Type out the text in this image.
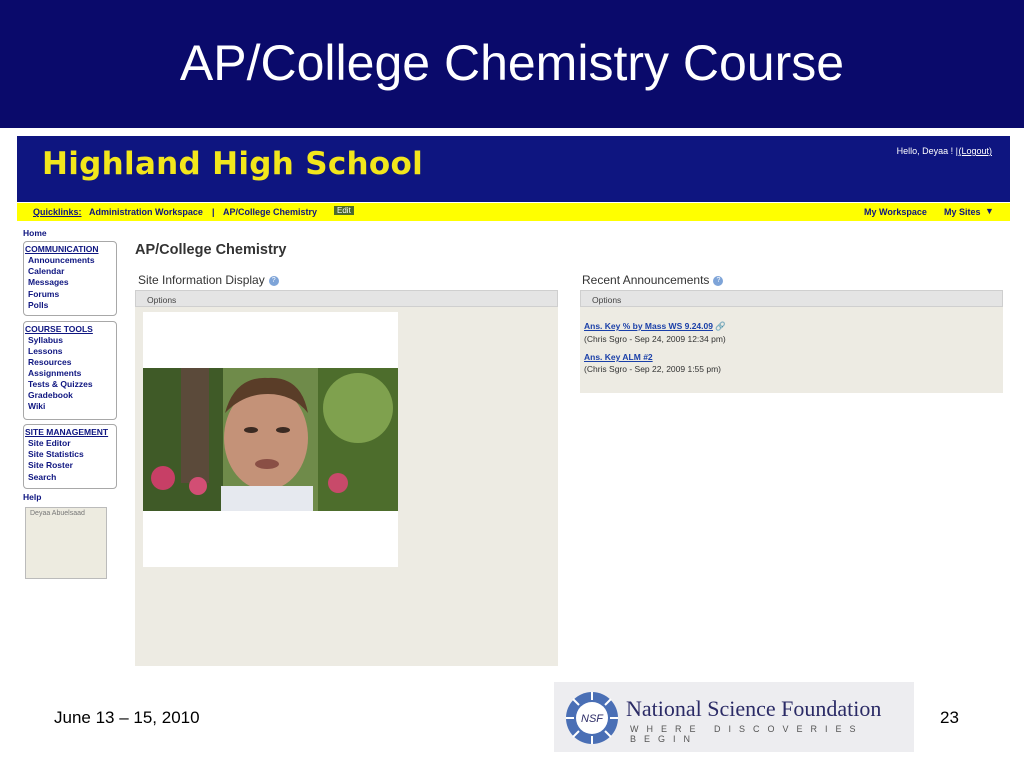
AP/College Chemistry Course
Highland High School	Hello, Deyaa ! | (Logout)
Quicklinks: Administration Workspace | AP/College Chemistry	Edit	My Workspace My Sites ▼
Home
COMMUNICATION
Announcements
Calendar
Messages
Forums
Polls
COURSE TOOLS
Syllabus
Lessons
Resources
Assignments
Tests & Quizzes
Gradebook
Wiki
SITE MANAGEMENT
Site Editor
Site Statistics
Site Roster
Search
Help
Deyaa Abuelsaad
AP/College Chemistry
Site Information Display ?
Options
Recent Announcements ?
Options
Ans. Key % by Mass WS 9.24.09 🔗
(Chris Sgro - Sep 24, 2009 12:34 pm)
Ans. Key ALM #2
(Chris Sgro - Sep 22, 2009 1:55 pm)
June 13 – 15, 2010	NSF National Science Foundation
WHERE DISCOVERIES BEGIN
23
